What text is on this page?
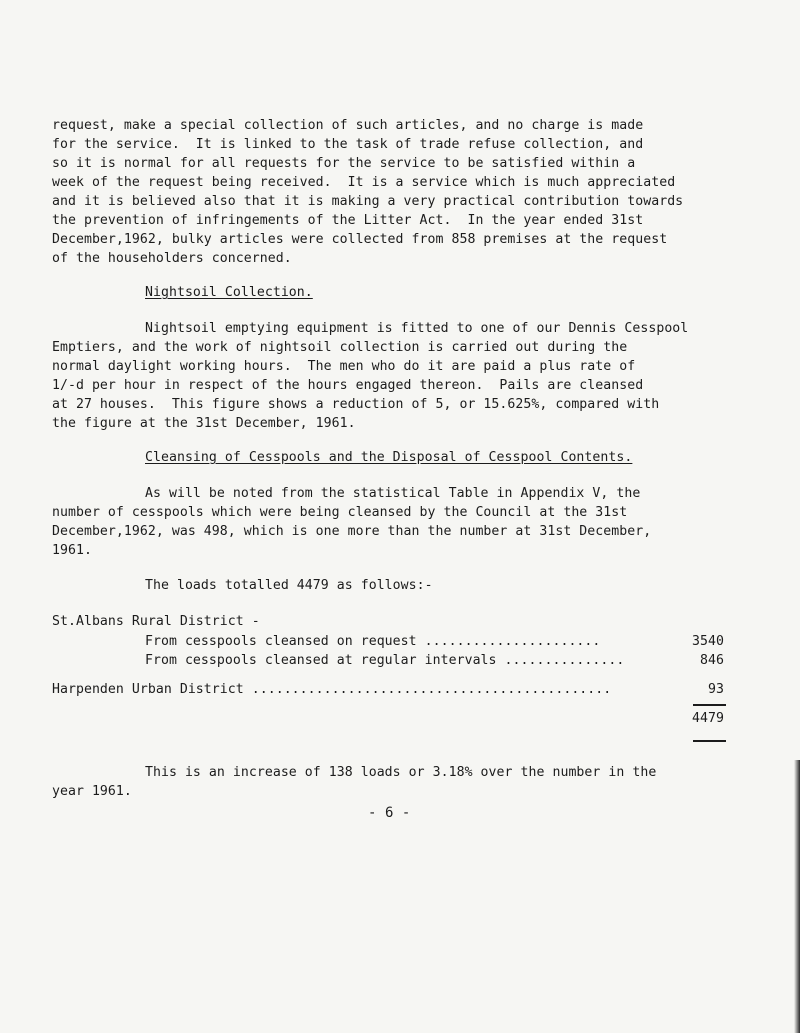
request, make a special collection of such articles, and no charge is made
for the service.  It is linked to the task of trade refuse collection, and
so it is normal for all requests for the service to be satisfied within a
week of the request being received.  It is a service which is much appreciated
and it is believed also that it is making a very practical contribution towards
the prevention of infringements of the Litter Act.  In the year ended 31st
December,1962, bulky articles were collected from 858 premises at the request
of the householders concerned.
Nightsoil Collection.
Nightsoil emptying equipment is fitted to one of our Dennis Cesspool
Emptiers, and the work of nightsoil collection is carried out during the
normal daylight working hours.  The men who do it are paid a plus rate of
1/-d per hour in respect of the hours engaged thereon.  Pails are cleansed
at 27 houses.  This figure shows a reduction of 5, or 15.625%, compared with
the figure at the 31st December, 1961.
Cleansing of Cesspools and the Disposal of Cesspool Contents.
As will be noted from the statistical Table in Appendix V, the
number of cesspools which were being cleansed by the Council at the 31st
December,1962, was 498, which is one more than the number at 31st December,
1961.
The loads totalled 4479 as follows:-
St.Albans Rural District -
From cesspools cleansed on request ......................	3540
From cesspools cleansed at regular intervals ...............	846
Harpenden Urban District .............................................	93
4479
This is an increase of 138 loads or 3.18% over the number in the
year 1961.
- 6 -
